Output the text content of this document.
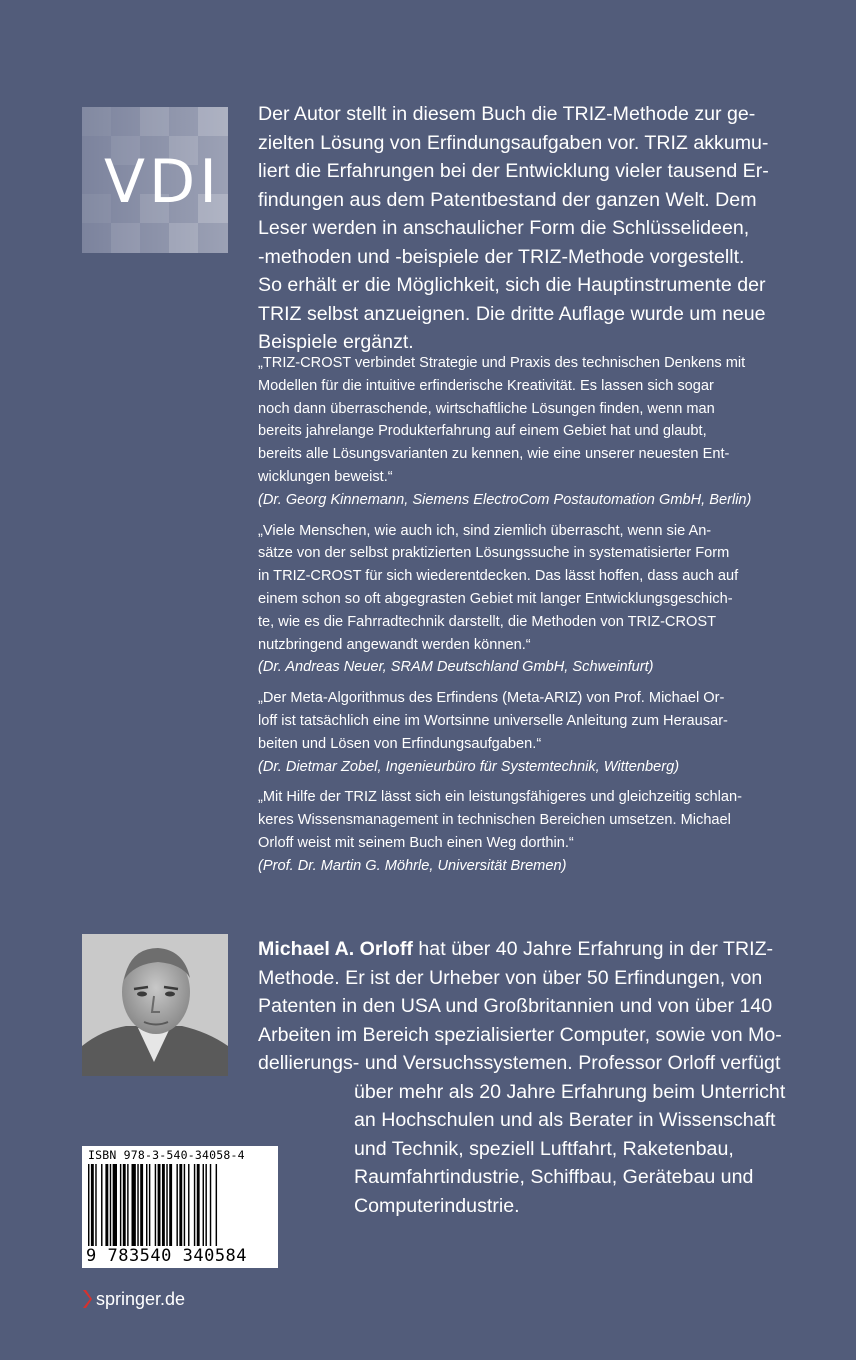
VDI
Der Autor stellt in diesem Buch die TRIZ-Methode zur ge-
zielten Lösung von Erfindungsaufgaben vor. TRIZ akkumu-
liert die Erfahrungen bei der Entwicklung vieler tausend Er-
findungen aus dem Patentbestand der ganzen Welt. Dem
Leser werden in anschaulicher Form die Schlüsselideen,
-methoden und -beispiele der TRIZ-Methode vorgestellt.
So erhält er die Möglichkeit, sich die Hauptinstrumente der
TRIZ selbst anzueignen. Die dritte Auflage wurde um neue
Beispiele ergänzt.

„TRIZ-CROST verbindet Strategie und Praxis des technischen Denkens mit

Modellen für die intuitive erfinderische Kreativität. Es lassen sich sogar

noch dann überraschende, wirtschaftliche Lösungen finden, wenn man

bereits jahrelange Produkterfahrung auf einem Gebiet hat und glaubt,

bereits alle Lösungsvarianten zu kennen, wie eine unserer neuesten Ent-

wicklungen beweist.“

(Dr. Georg Kinnemann, Siemens ElectroCom Postautomation GmbH, Berlin)

„Viele Menschen, wie auch ich, sind ziemlich überrascht, wenn sie An-

sätze von der selbst praktizierten Lösungssuche in systematisierter Form

in TRIZ-CROST für sich wiederentdecken. Das lässt hoffen, dass auch auf

einem schon so oft abgegrasten Gebiet mit langer Entwicklungsgeschich-

te, wie es die Fahrradtechnik darstellt, die Methoden von TRIZ-CROST

nutzbringend angewandt werden können.“

(Dr. Andreas Neuer, SRAM Deutschland GmbH, Schweinfurt)

„Der Meta-Algorithmus des Erfindens (Meta-ARIZ) von Prof. Michael Or-

loff ist tatsächlich eine im Wortsinne universelle Anleitung zum Herausar-

beiten und Lösen von Erfindungsaufgaben.“

(Dr. Dietmar Zobel, Ingenieurbüro für Systemtechnik, Wittenberg)

„Mit Hilfe der TRIZ lässt sich ein leistungsfähigeres und gleichzeitig schlan-

keres Wissensmanagement in technischen Bereichen umsetzen. Michael

Orloff weist mit seinem Buch einen Weg dorthin.“

(Prof. Dr. Martin G. Möhrle, Universität Bremen)

Michael A. Orloff hat über 40 Jahre Erfahrung in der TRIZ-
Methode. Er ist der Urheber von über 50 Erfindungen, von
Patenten in den USA und Großbritannien und von über 140
Arbeiten im Bereich spezialisierter Computer, sowie von Mo-
dellierungs- und Versuchssystemen. Professor Orloff verfügt
über mehr als 20 Jahre Erfahrung beim Unterricht
an Hochschulen und als Berater in Wissenschaft
und Technik, speziell Luftfahrt, Raketenbau,
Raumfahrtindustrie, Schiffbau, Gerätebau und
Computerindustrie.
ISBN 978-3-540-34058-4
9 783540 340584
springer.de
